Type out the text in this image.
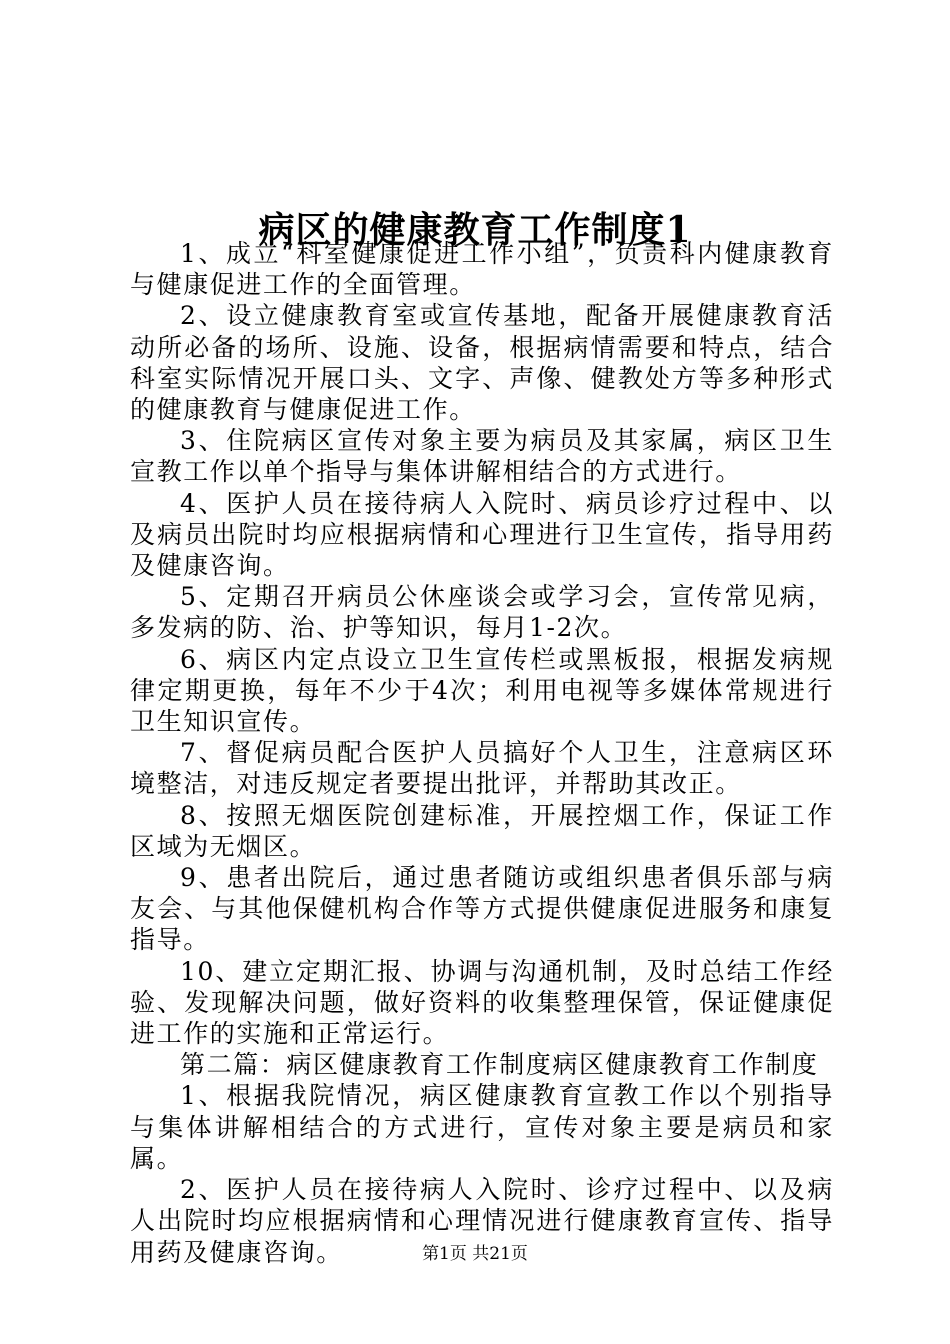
病区的健康教育工作制度1

1、成立“科室健康促进工作小组”，负责科内健康教育与健康促进工作的全面管理。

2、设立健康教育室或宣传基地，配备开展健康教育活动所必备的场所、设施、设备，根据病情需要和特点，结合科室实际情况开展口头、文字、声像、健教处方等多种形式的健康教育与健康促进工作。

3、住院病区宣传对象主要为病员及其家属，病区卫生宣教工作以单个指导与集体讲解相结合的方式进行。

4、医护人员在接待病人入院时、病员诊疗过程中、以及病员出院时均应根据病情和心理进行卫生宣传，指导用药及健康咨询。

5、定期召开病员公休座谈会或学习会，宣传常见病，多发病的防、治、护等知识，每月1-2次。

6、病区内定点设立卫生宣传栏或黑板报，根据发病规律定期更换，每年不少于4次；利用电视等多媒体常规进行卫生知识宣传。

7、督促病员配合医护人员搞好个人卫生，注意病区环境整洁，对违反规定者要提出批评，并帮助其改正。

8、按照无烟医院创建标准，开展控烟工作，保证工作区域为无烟区。

9、患者出院后，通过患者随访或组织患者俱乐部与病友会、与其他保健机构合作等方式提供健康促进服务和康复指导。

10、建立定期汇报、协调与沟通机制，及时总结工作经验、发现解决问题，做好资料的收集整理保管，保证健康促进工作的实施和正常运行。

第二篇：病区健康教育工作制度病区健康教育工作制度

1、根据我院情况，病区健康教育宣教工作以个别指导与集体讲解相结合的方式进行，宣传对象主要是病员和家属。

2、医护人员在接待病人入院时、诊疗过程中、以及病人出院时均应根据病情和心理情况进行健康教育宣传、指导用药及健康咨询。	第1页 共21页
